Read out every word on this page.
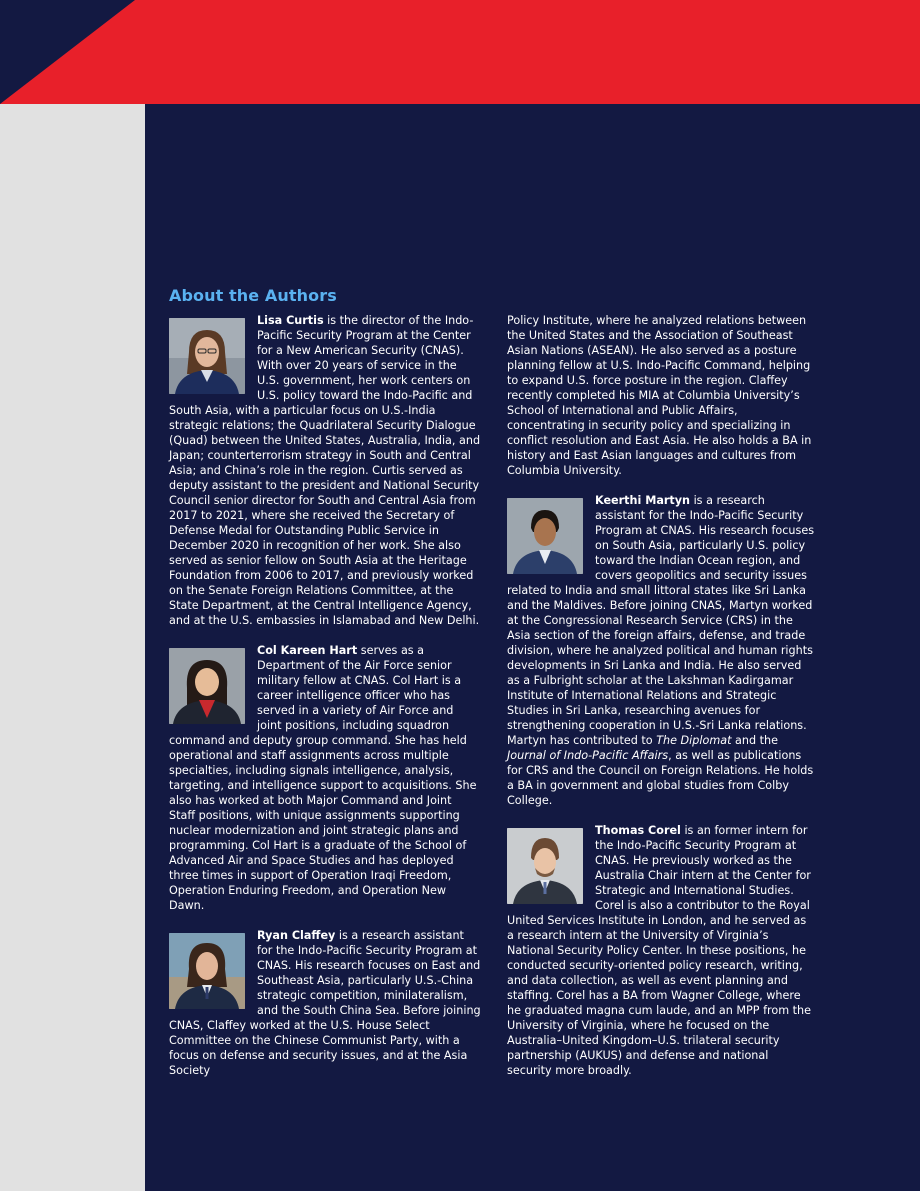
About the Authors

Lisa Curtis is the director of the Indo-Pacific Security Program at the Center for a New American Security (CNAS). With over 20 years of service in the U.S. government, her work centers on U.S. policy toward the Indo-Pacific and South Asia, with a particular focus on U.S.-India strategic relations; the Quadrilateral Security Dialogue (Quad) between the United States, Australia, India, and Japan; counterterrorism strategy in South and Central Asia; and China’s role in the region. Curtis served as deputy assistant to the president and National Security Council senior director for South and Central Asia from 2017 to 2021, where she received the Secretary of Defense Medal for Outstanding Public Service in December 2020 in recognition of her work. She also served as senior fellow on South Asia at the Heritage Foundation from 2006 to 2017, and previously worked on the Senate Foreign Relations Committee, at the State Department, at the Central Intelligence Agency, and at the U.S. embassies in Islamabad and New Delhi.

Col Kareen Hart serves as a Department of the Air Force senior military fellow at CNAS. Col Hart is a career intelligence officer who has served in a variety of Air Force and joint positions, including squadron command and deputy group command. She has held operational and staff assignments across multiple specialties, including signals intelligence, analysis, targeting, and intelligence support to acquisitions. She also has worked at both Major Command and Joint Staff positions, with unique assignments supporting nuclear modernization and joint strategic plans and programming. Col Hart is a graduate of the School of Advanced Air and Space Studies and has deployed three times in support of Operation Iraqi Freedom, Operation Enduring Freedom, and Operation New Dawn.

Ryan Claffey is a research assistant for the Indo-Pacific Security Program at CNAS. His research focuses on East and Southeast Asia, particularly U.S.-China strategic competition, minilateralism, and the South China Sea. Before joining CNAS, Claffey worked at the U.S. House Select Committee on the Chinese Communist Party, with a focus on defense and security issues, and at the Asia Society

Policy Institute, where he analyzed relations between the United States and the Association of Southeast Asian Nations (ASEAN). He also served as a posture planning fellow at U.S. Indo-Pacific Command, helping to expand U.S. force posture in the region. Claffey recently completed his MIA at Columbia University’s School of International and Public Affairs, concentrating in security policy and specializing in conflict resolution and East Asia. He also holds a BA in history and East Asian languages and cultures from Columbia University.

Keerthi Martyn is a research assistant for the Indo-Pacific Security Program at CNAS. His research focuses on South Asia, particularly U.S. policy toward the Indian Ocean region, and covers geopolitics and security issues related to India and small littoral states like Sri Lanka and the Maldives. Before joining CNAS, Martyn worked at the Congressional Research Service (CRS) in the Asia section of the foreign affairs, defense, and trade division, where he analyzed political and human rights developments in Sri Lanka and India. He also served as a Fulbright scholar at the Lakshman Kadirgamar Institute of International Relations and Strategic Studies in Sri Lanka, researching avenues for strengthening cooperation in U.S.-Sri Lanka relations. Martyn has contributed to The Diplomat and the Journal of Indo-Pacific Affairs, as well as publications for CRS and the Council on Foreign Relations. He holds a BA in government and global studies from Colby College.

Thomas Corel is an former intern for the Indo-Pacific Security Program at CNAS. He previously worked as the Australia Chair intern at the Center for Strategic and International Studies. Corel is also a contributor to the Royal United Services Institute in London, and he served as a research intern at the University of Virginia’s National Security Policy Center. In these positions, he conducted security-oriented policy research, writing, and data collection, as well as event planning and staffing. Corel has a BA from Wagner College, where he graduated magna cum laude, and an MPP from the University of Virginia, where he focused on the Australia–United Kingdom–U.S. trilateral security partnership (AUKUS) and defense and national security more broadly.
